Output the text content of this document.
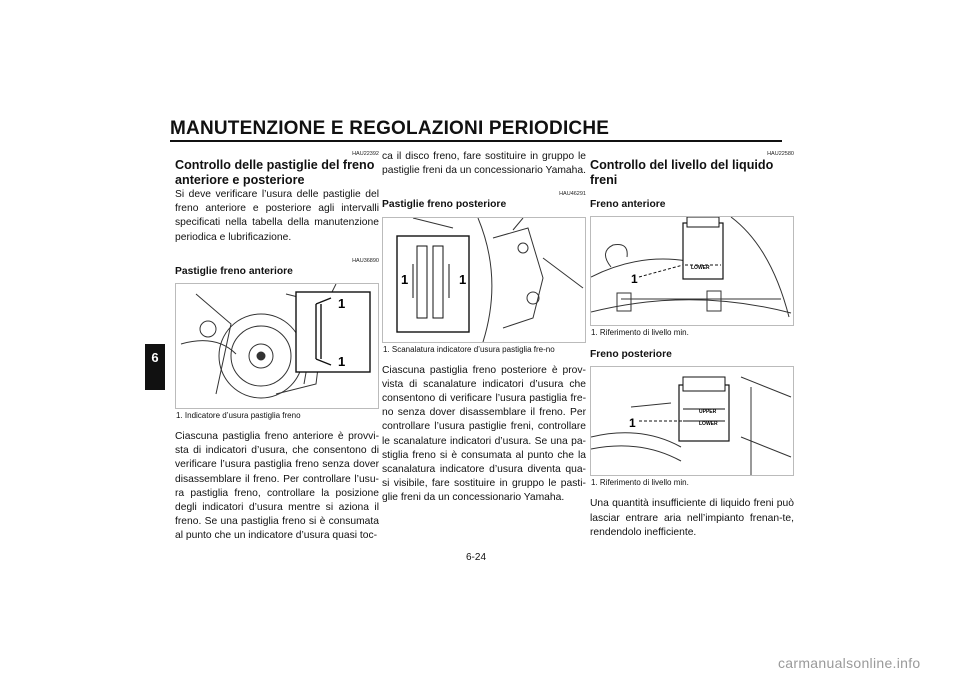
MANUTENZIONE E REGOLAZIONI PERIODICHE
6
HAU22392
Controllo delle pastiglie del freno anteriore e posteriore

Si deve verificare l’usura delle pastiglie del freno anteriore e posteriore agli intervalli specificati nella tabella della manutenzione periodica e lubrificazione.

HAU36890
Pastiglie freno anteriore
1
1

1. Indicatore d’usura pastiglia freno

Ciascuna pastiglia freno anteriore è provvi-sta di indicatori d’usura, che consentono di verificare l’usura pastiglia freno senza dover disassemblare il freno. Per controllare l’usu-ra pastiglia freno, controllare la posizione degli indicatori d’usura mentre si aziona il freno. Se una pastiglia freno si è consumata al punto che un indicatore d’usura quasi toc-

ca il disco freno, fare sostituire in gruppo le pastiglie freni da un concessionario Yamaha.

HAU46291
Pastiglie freno posteriore
1	1

1. Scanalatura indicatore d’usura pastiglia fre-no

Ciascuna pastiglia freno posteriore è prov-vista di scanalature indicatori d’usura che consentono di verificare l’usura pastiglia fre-no senza dover disassemblare il freno. Per controllare l’usura pastiglie freni, controllare le scanalature indicatori d’usura. Se una pa-stiglia freno si è consumata al punto che la scanalatura indicatore d’usura diventa qua-si visibile, fare sostituire in gruppo le pasti-glie freni da un concessionario Yamaha.

HAU22580
Controllo del livello del liquido freni
Freno anteriore
LOWER
1

1. Riferimento di livello min.

Freno posteriore
UPPER
LOWER
1

1. Riferimento di livello min.

Una quantità insufficiente di liquido freni può lasciar entrare aria nell’impianto frenan-te, rendendolo inefficiente.

6-24
carmanualsonline.info
